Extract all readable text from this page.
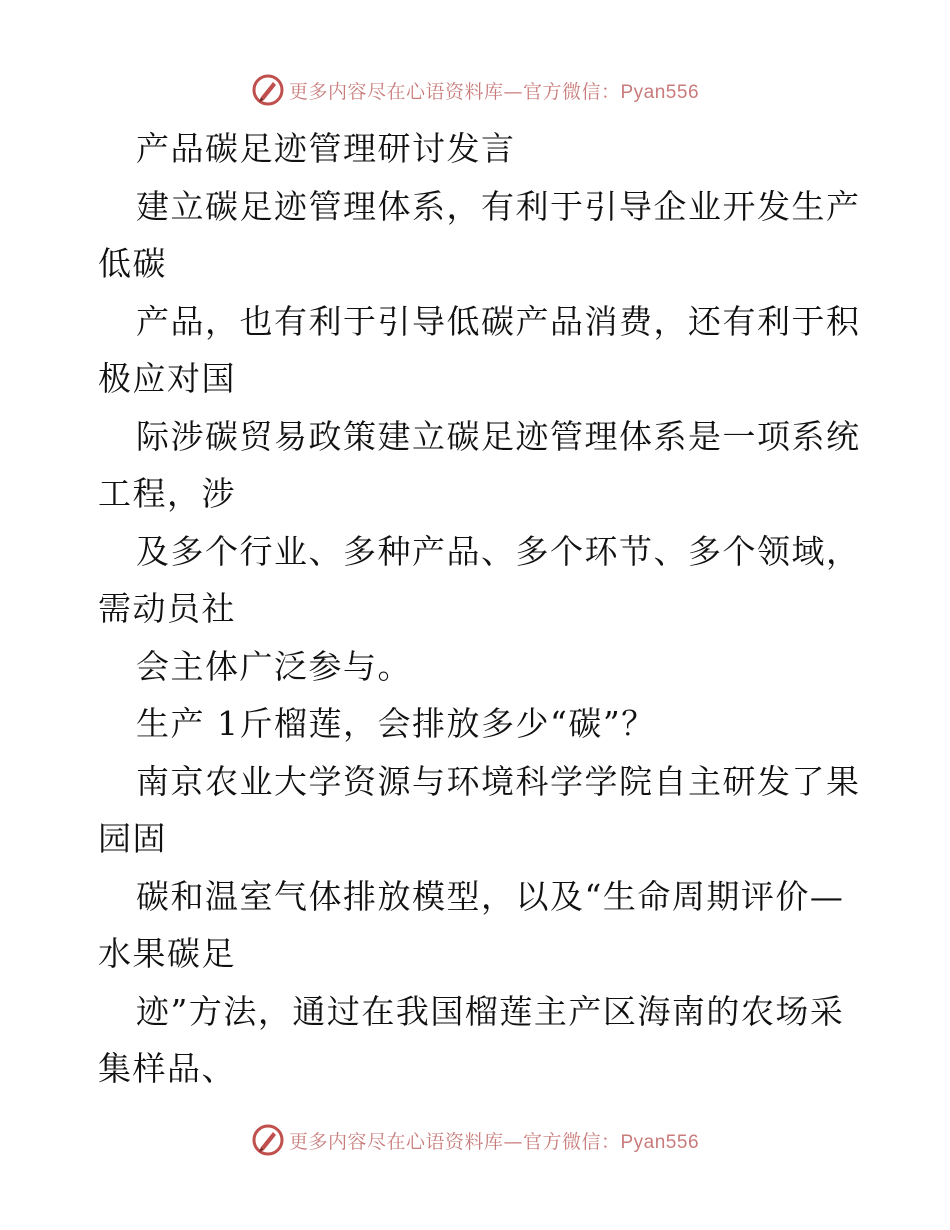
更多内容尽在心语资料库—官方微信：Pyan556
产品碳足迹管理研讨发言
建立碳足迹管理体系，有利于引导企业开发生产
低碳
产品，也有利于引导低碳产品消费，还有利于积
极应对国
际涉碳贸易政策建立碳足迹管理体系是一项系统
工程，涉
及多个行业、多种产品、多个环节、多个领域，
需动员社
会主体广泛参与。
生产 1斤榴莲，会排放多少“碳”？
南京农业大学资源与环境科学学院自主研发了果
园固
碳和温室气体排放模型，以及“生命周期评价—
水果碳足
迹”方法，通过在我国榴莲主产区海南的农场采
集样品、
更多内容尽在心语资料库—官方微信：Pyan556
